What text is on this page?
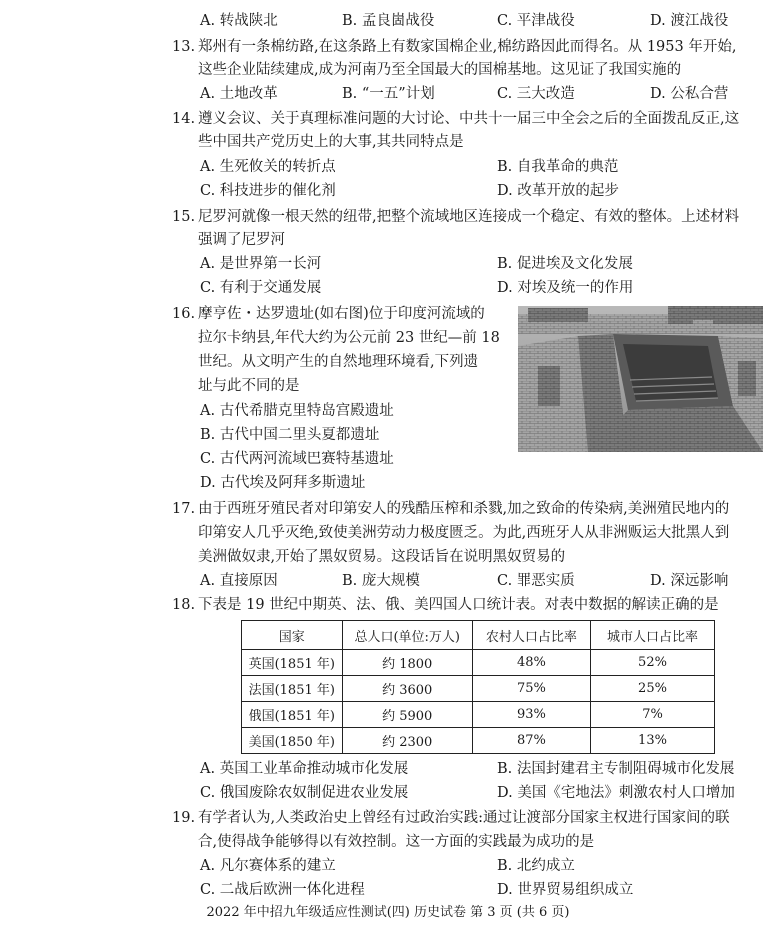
A. 转战陕北	B. 孟良崮战役	C. 平津战役	D. 渡江战役
13. 郑州有一条棉纺路,在这条路上有数家国棉企业,棉纺路因此而得名。从 1953 年开始,
这些企业陆续建成,成为河南乃至全国最大的国棉基地。这见证了我国实施的
A. 土地改革	B. “一五”计划	C. 三大改造	D. 公私合营
14. 遵义会议、关于真理标准问题的大讨论、中共十一届三中全会之后的全面拨乱反正,这
些中国共产党历史上的大事,其共同特点是
A. 生死攸关的转折点	B. 自我革命的典范
C. 科技进步的催化剂	D. 改革开放的起步
15. 尼罗河就像一根天然的纽带,把整个流域地区连接成一个稳定、有效的整体。上述材料
强调了尼罗河
A. 是世界第一长河	B. 促进埃及文化发展
C. 有利于交通发展	D. 对埃及统一的作用
16. 摩亨佐・达罗遗址(如右图)位于印度河流域的
拉尔卡纳县,年代大约为公元前 23 世纪—前 18
世纪。从文明产生的自然地理环境看,下列遗
址与此不同的是
A. 古代希腊克里特岛宫殿遗址
B. 古代中国二里头夏都遗址
C. 古代两河流域巴赛特基遗址
D. 古代埃及阿拜多斯遗址
17. 由于西班牙殖民者对印第安人的残酷压榨和杀戮,加之致命的传染病,美洲殖民地内的
印第安人几乎灭绝,致使美洲劳动力极度匮乏。为此,西班牙人从非洲贩运大批黑人到
美洲做奴隶,开始了黑奴贸易。这段话旨在说明黑奴贸易的
A. 直接原因	B. 庞大规模	C. 罪恶实质	D. 深远影响
18. 下表是 19 世纪中期英、法、俄、美四国人口统计表。对表中数据的解读正确的是
国家	总人口(单位:万人)	农村人口占比率	城市人口占比率
英国(1851 年)	约 1800	48%	52%
法国(1851 年)	约 3600	75%	25%
俄国(1851 年)	约 5900	93%	7%
美国(1850 年)	约 2300	87%	13%
A. 英国工业革命推动城市化发展	B. 法国封建君主专制阻碍城市化发展
C. 俄国废除农奴制促进农业发展	D. 美国《宅地法》刺激农村人口增加
19. 有学者认为,人类政治史上曾经有过政治实践:通过让渡部分国家主权进行国家间的联
合,使得战争能够得以有效控制。这一方面的实践最为成功的是
A. 凡尔赛体系的建立	B. 北约成立
C. 二战后欧洲一体化进程	D. 世界贸易组织成立
2022 年中招九年级适应性测试(四) 历史试卷 第 3 页 (共 6 页)
